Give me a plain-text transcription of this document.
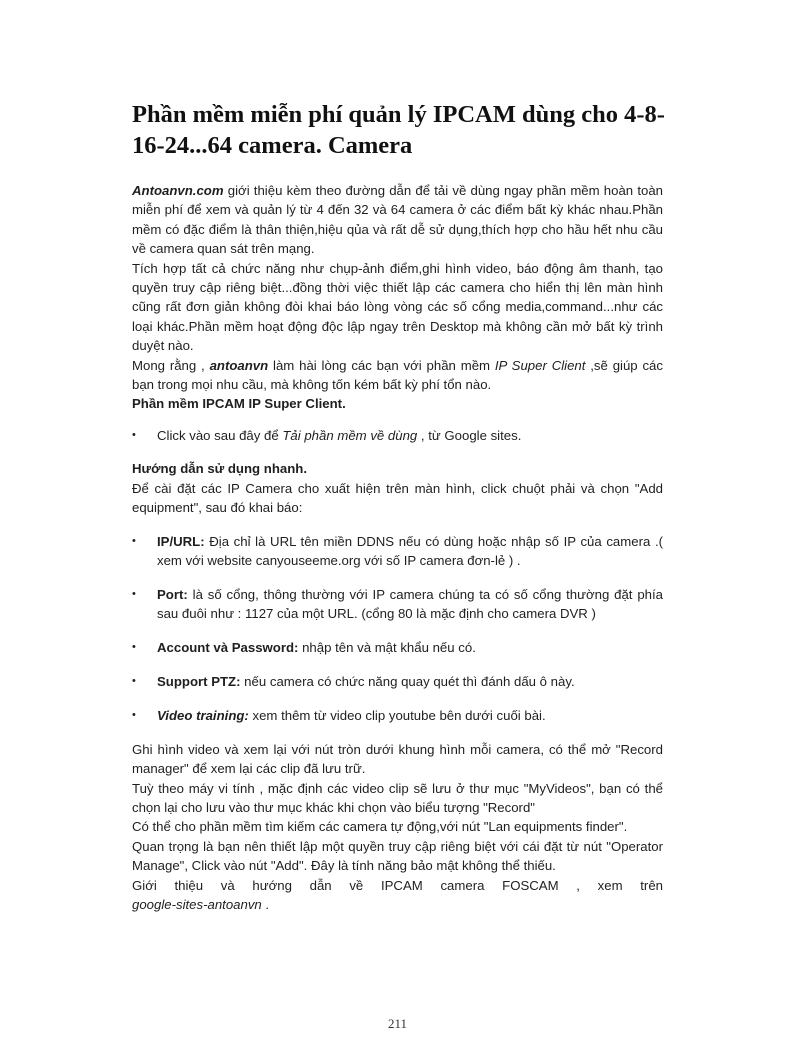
Phần mềm miễn phí quản lý IPCAM dùng cho 4-8-16-24...64 camera. Camera

Antoanvn.com giới thiệu kèm theo đường dẫn để tải về dùng ngay phần mềm hoàn toàn miễn phí để xem và quản lý từ 4 đến 32 và 64 camera ở các điểm bất kỳ khác nhau.Phần mềm có đặc điểm là thân thiện,hiệu qủa và rất dễ sử dụng,thích hợp cho hầu hết nhu cầu về camera quan sát trên mạng.

Tích hợp tất cả chức năng như chụp-ảnh điểm,ghi hình video, báo động âm thanh, tạo quyền truy cập riêng biệt...đồng thời việc thiết lập các camera cho hiển thị lên màn hình cũng rất đơn giản không đòi khai báo lòng vòng các số cổng media,command...như các loại khác.Phần mềm hoạt động độc lập ngay trên Desktop mà không cần mở bất kỳ trình duyệt nào.

Mong rằng , antoanvn làm hài lòng các bạn với phần mềm IP Super Client ,sẽ giúp các bạn trong mọi nhu cầu, mà không tốn kém bất kỳ phí tổn nào.

Phần mềm IPCAM IP Super Client.

• Click vào sau đây để Tải phần mềm về dùng , từ Google sites.

Hướng dẫn sử dụng nhanh.

Để cài đặt các IP Camera cho xuất hiện trên màn hình, click chuột phải và chọn "Add equipment", sau đó khai báo:

• IP/URL: Địa chỉ là URL tên miền DDNS nếu có dùng hoặc nhập số IP của camera .( xem với website canyouseeme.org với số IP camera đơn-lẻ ) .
• Port: là số cổng, thông thường với IP camera chúng ta có số cổng thường đặt phía sau đuôi như : 1127 của một URL. (cổng 80 là mặc định cho camera DVR )
• Account và Password: nhập tên và mật khẩu nếu có.
• Support PTZ: nếu camera có chức năng quay quét thì đánh dấu ô này.
• Video training: xem thêm từ video clip youtube bên dưới cuối bài.

Ghi hình video và xem lại với nút tròn dưới khung hình mỗi camera, có thể mở "Record manager" để xem lại các clip đã lưu trữ.

Tuỳ theo máy vi tính , mặc định các video clip sẽ lưu ở thư mục "MyVideos", bạn có thể chọn lại cho lưu vào thư mục khác khi chọn vào biểu tượng "Record"

Có thể cho phần mềm tìm kiếm các camera tự động,với nút "Lan equipments finder".

Quan trọng là bạn nên thiết lập một quyền truy cập riêng biệt với cái đặt từ nút "Operator Manage", Click vào nút "Add". Đây là tính năng bảo mật không thể thiếu.

Giới thiệu và hướng dẫn về IPCAM camera FOSCAM , xem trên

google-sites-antoanvn .

211
